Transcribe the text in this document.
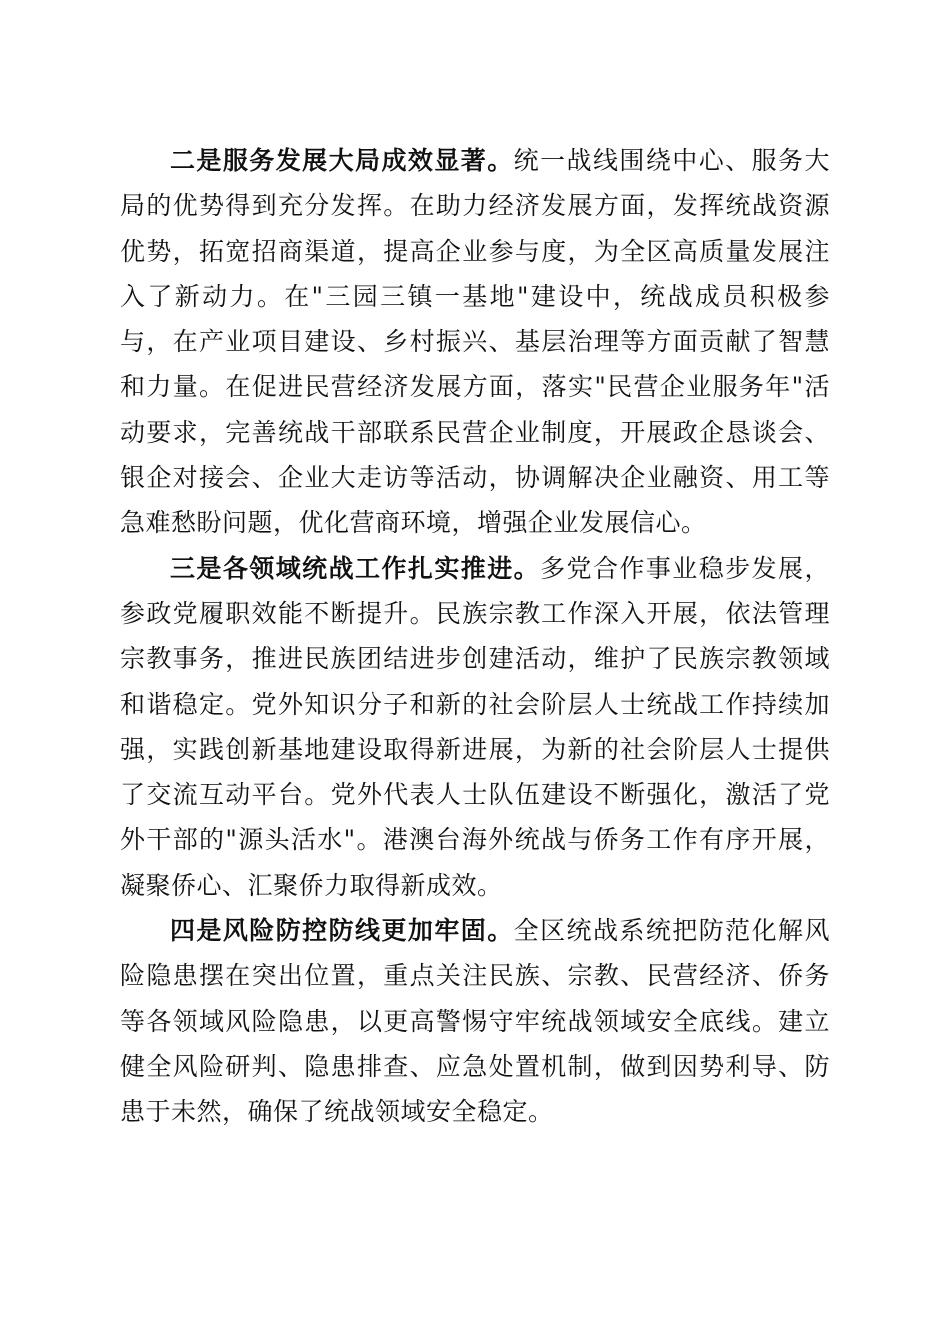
二是服务发展大局成效显著。统一战线围绕中心、服务大局的优势得到充分发挥。在助力经济发展方面，发挥统战资源优势，拓宽招商渠道，提高企业参与度，为全区高质量发展注入了新动力。在"三园三镇一基地"建设中，统战成员积极参与，在产业项目建设、乡村振兴、基层治理等方面贡献了智慧和力量。在促进民营经济发展方面，落实"民营企业服务年"活动要求，完善统战干部联系民营企业制度，开展政企恳谈会、银企对接会、企业大走访等活动，协调解决企业融资、用工等急难愁盼问题，优化营商环境，增强企业发展信心。

三是各领域统战工作扎实推进。多党合作事业稳步发展，参政党履职效能不断提升。民族宗教工作深入开展，依法管理宗教事务，推进民族团结进步创建活动，维护了民族宗教领域和谐稳定。党外知识分子和新的社会阶层人士统战工作持续加强，实践创新基地建设取得新进展，为新的社会阶层人士提供了交流互动平台。党外代表人士队伍建设不断强化，激活了党外干部的"源头活水"。港澳台海外统战与侨务工作有序开展，凝聚侨心、汇聚侨力取得新成效。

四是风险防控防线更加牢固。全区统战系统把防范化解风险隐患摆在突出位置，重点关注民族、宗教、民营经济、侨务等各领域风险隐患，以更高警惕守牢统战领域安全底线。建立健全风险研判、隐患排查、应急处置机制，做到因势利导、防患于未然，确保了统战领域安全稳定。
